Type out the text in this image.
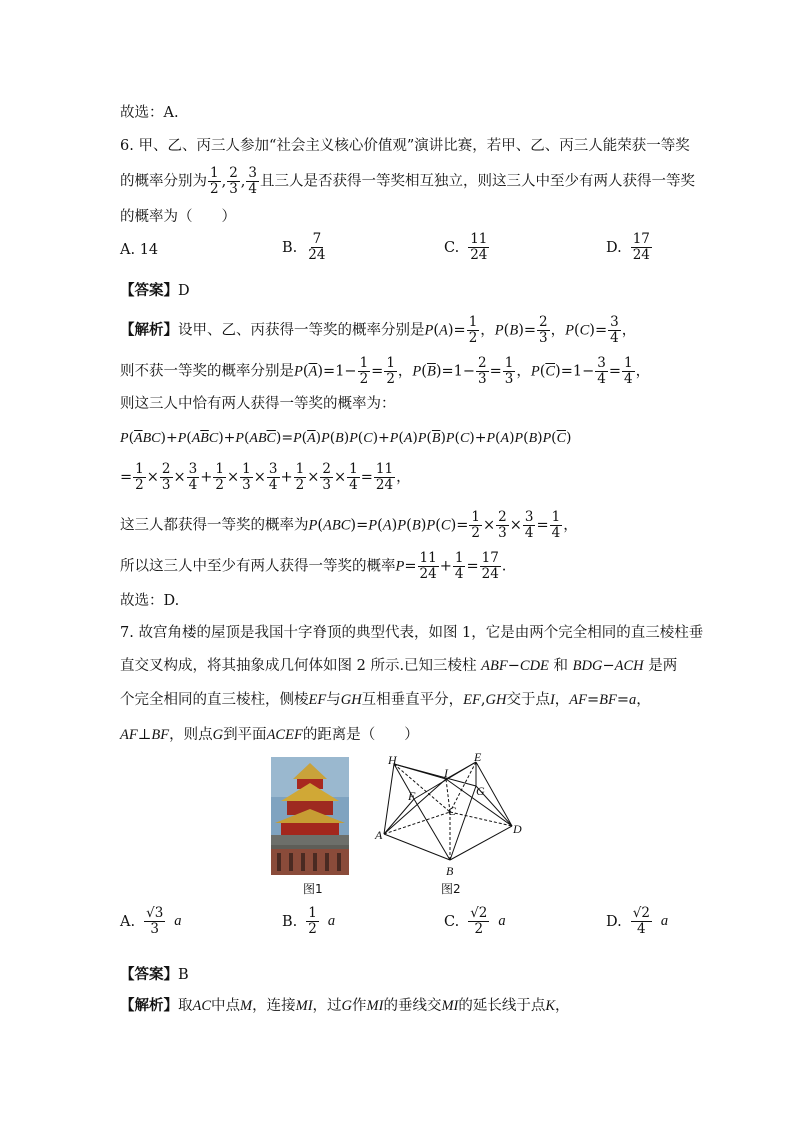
故选：A.
6. 甲、乙、丙三人参加“社会主义核心价值观”演讲比赛，若甲、乙、丙三人能荣获一等奖
的概率分别为 $\frac{1}{2}$ , $\frac{2}{3}$ , $\frac{3}{4}$ 且三人是否获得一等奖相互独立，则这三人中至少有两人获得一等奖
的概率为（　　）
A. 14	B. $\frac{7}{24}$	C. $\frac{11}{24}$	D. $\frac{17}{24}$
【答案】D
【解析】设甲、乙、丙获得一等奖的概率分别是$P(A)= \frac{1}{2}$ ，$P(B)= \frac{2}{3}$ ，$P(C)= \frac{3}{4}$ ，
则不获一等奖的概率分别是$P(\overline{A})=1- \frac{1}{2} = \frac{1}{2}$ ，$P(\overline{B})=1- \frac{2}{3} = \frac{1}{3}$ ，$P(\overline{C})=1- \frac{3}{4} = \frac{1}{4}$ ，
则这三人中恰有两人获得一等奖的概率为：
$P(\overline{A}BC)+P(A\overline{B}C)+P(AB\overline{C})=P(\overline{A})P(B)P(C)+P(A)P(\overline{B})P(C)+P(A)P(B)P(\overline{C})$
= $\frac{1}{2} \times \frac{2}{3} \times \frac{3}{4} + \frac{1}{2} \times \frac{1}{3} \times \frac{3}{4} + \frac{1}{2} \times \frac{2}{3} \times \frac{1}{4} = \frac{11}{24}$ ，
这三人都获得一等奖的概率为$P(ABC)=P(A)P(B)P(C)= \frac{1}{2} \times \frac{2}{3} \times \frac{3}{4} = \frac{1}{4}$ ，
所以这三人中至少有两人获得一等奖的概率$P= \frac{11}{24} + \frac{1}{4} = \frac{17}{24}$ .
故选：D.
7. 故宫角楼的屋顶是我国十字脊顶的典型代表，如图 1，它是由两个完全相同的直三棱柱垂
直交叉构成，将其抽象成几何体如图 2 所示.已知三棱柱 ABF−CDE 和 BDG−ACH 是两
个完全相同的直三棱柱，侧棱EF与GH互相垂直平分，EF,GH交于点I，AF=BF=a，
AF⊥BF，则点G到平面ACEF的距离是（　　）
图1
H
I
E
F	G
C
A	D
B
图2
A. $\frac{√3}{3}$ a	B. $\frac{1}{2}$ a	C. $\frac{√2}{2}$ a	D. $\frac{√2}{4}$ a
【答案】B
【解析】取AC中点M，连接MI，过G作MI的垂线交MI的延长线于点K，
